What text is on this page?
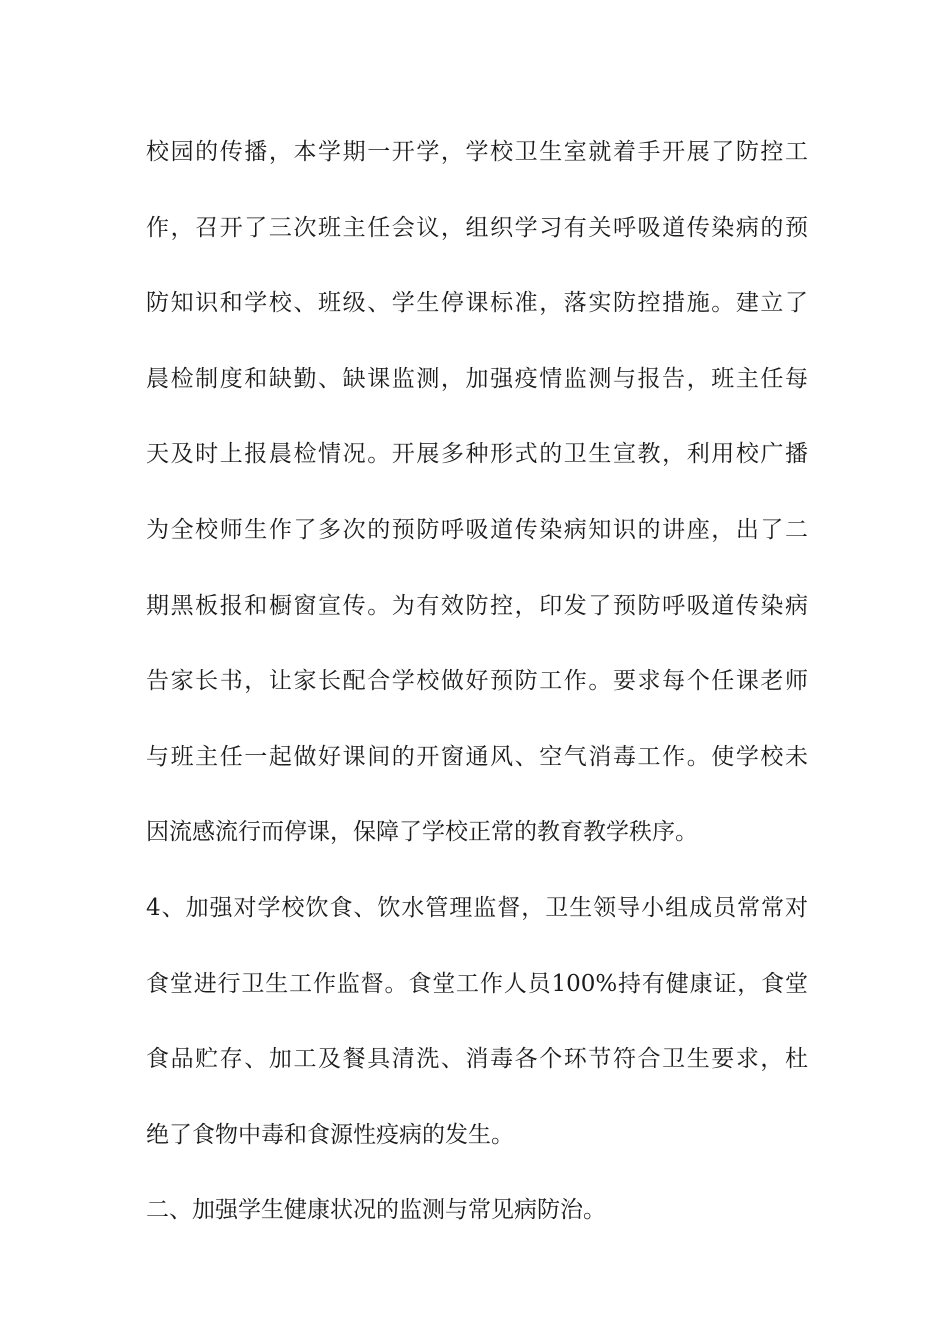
校园的传播，本学期一开学，学校卫生室就着手开展了防控工
作，召开了三次班主任会议，组织学习有关呼吸道传染病的预
防知识和学校、班级、学生停课标准，落实防控措施。建立了
晨检制度和缺勤、缺课监测，加强疫情监测与报告，班主任每
天及时上报晨检情况。开展多种形式的卫生宣教，利用校广播
为全校师生作了多次的预防呼吸道传染病知识的讲座，出了二
期黑板报和橱窗宣传。为有效防控，印发了预防呼吸道传染病
告家长书，让家长配合学校做好预防工作。要求每个任课老师
与班主任一起做好课间的开窗通风、空气消毒工作。使学校未
因流感流行而停课，保障了学校正常的教育教学秩序。
4、加强对学校饮食、饮水管理监督，卫生领导小组成员常常对
食堂进行卫生工作监督。食堂工作人员100%持有健康证，食堂
食品贮存、加工及餐具清洗、消毒各个环节符合卫生要求，杜
绝了食物中毒和食源性疫病的发生。
二、加强学生健康状况的监测与常见病防治。
